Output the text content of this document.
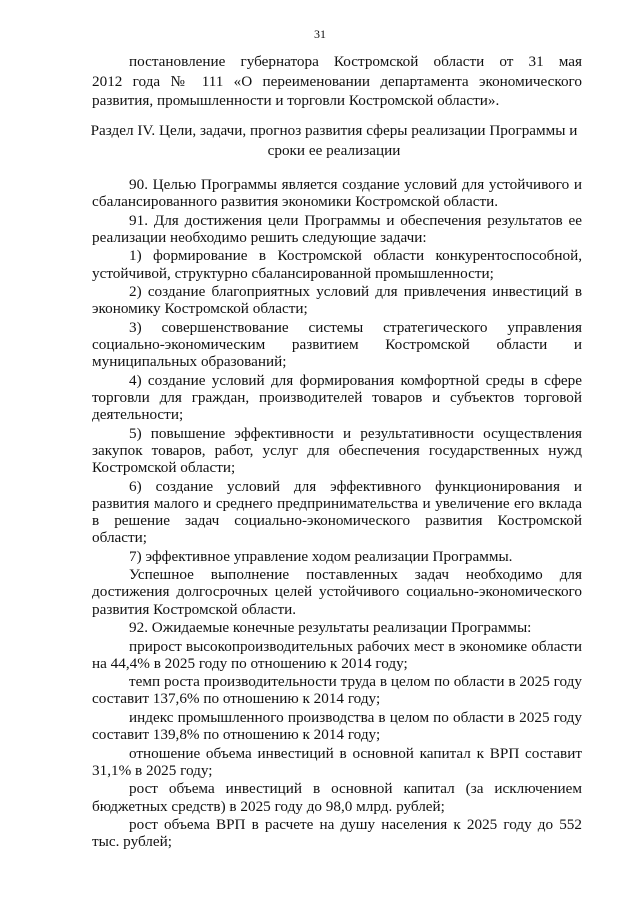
31
постановление губернатора Костромской области от 31 мая
2012 года № 111 «О переименовании департамента экономического развития, промышленности и торговли Костромской области».
Раздел IV. Цели, задачи, прогноз развития сферы реализации Программы и
сроки ее реализации

90. Целью Программы является создание условий для устойчивого и сбалансированного развития экономики Костромской области.

91. Для достижения цели Программы и обеспечения результатов ее реализации необходимо решить следующие задачи:

1) формирование в Костромской области конкурентоспособной, устойчивой, структурно сбалансированной промышленности;

2) создание благоприятных условий для привлечения инвестиций в экономику Костромской области;

3) совершенствование системы стратегического управления социально-экономическим развитием Костромской области и муниципальных образований;

4) создание условий для формирования комфортной среды в сфере торговли для граждан, производителей товаров и субъектов торговой деятельности;

5) повышение эффективности и результативности осуществления закупок товаров, работ, услуг для обеспечения государственных нужд Костромской области;

6) создание условий для эффективного функционирования и развития малого и среднего предпринимательства и увеличение его вклада в решение задач социально-экономического развития Костромской области;

7) эффективное управление ходом реализации Программы.

Успешное выполнение поставленных задач необходимо для достижения долгосрочных целей устойчивого социально-экономического развития Костромской области.

92. Ожидаемые конечные результаты реализации Программы:

прирост высокопроизводительных рабочих мест в экономике области на 44,4% в 2025 году по отношению к 2014 году;

темп роста производительности труда в целом по области в 2025 году составит 137,6% по отношению к 2014 году;

индекс промышленного производства в целом по области в 2025 году составит 139,8% по отношению к 2014 году;

отношение объема инвестиций в основной капитал к ВРП составит 31,1% в 2025 году;

рост объема инвестиций в основной капитал (за исключением бюджетных средств) в 2025 году до 98,0 млрд. рублей;

рост объема ВРП в расчете на душу населения к 2025 году до 552 тыс. рублей;
